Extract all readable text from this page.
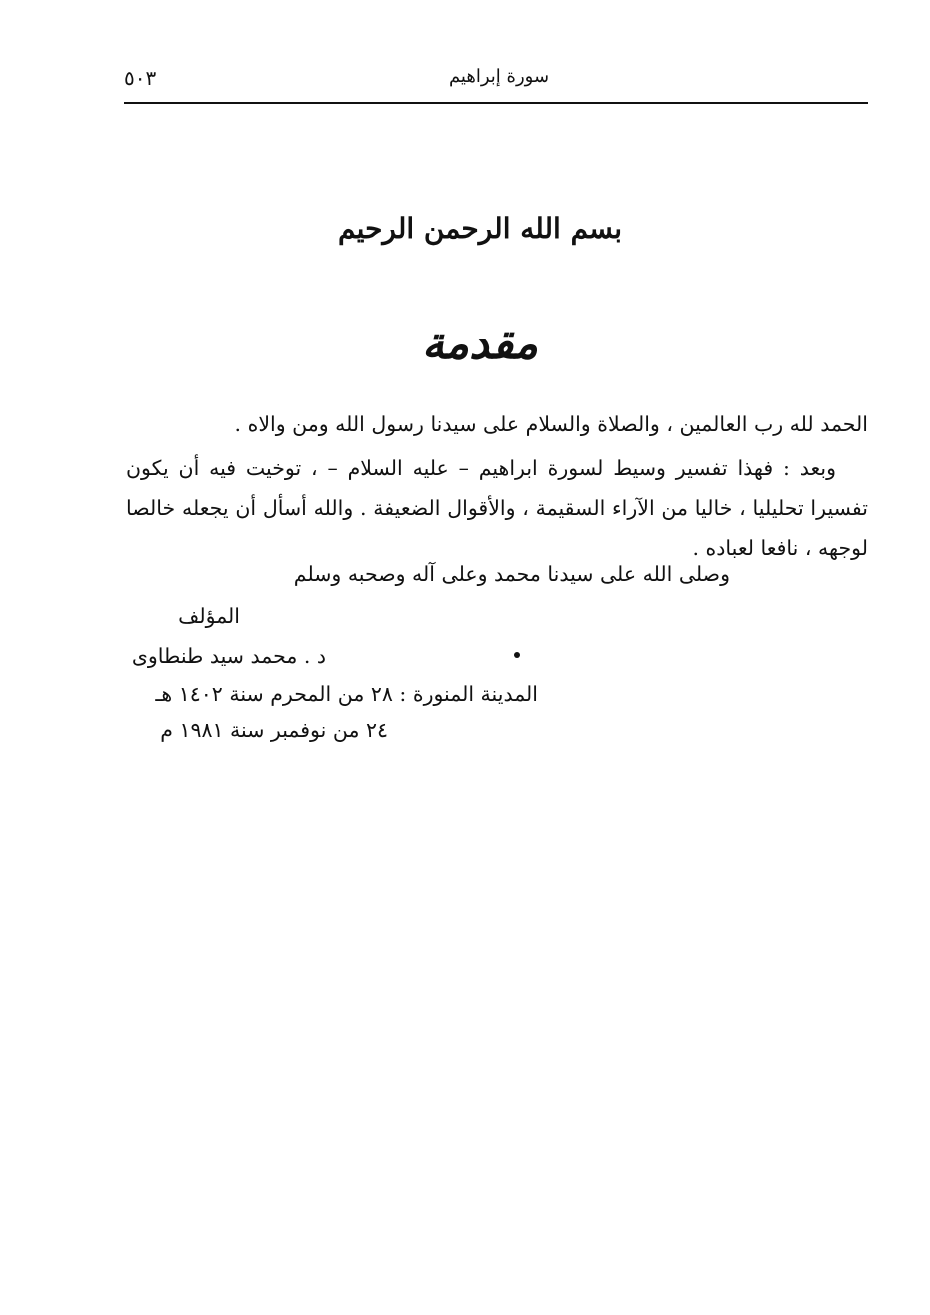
٥٠٣	سورة إبراهيم
بسم الله الرحمن الرحيم
مقدمة

الحمد لله رب العالمين ، والصلاة والسلام على سيدنا رسول الله ومن والاه .

وبعد : فهذا تفسير وسيط لسورة ابراهيم – عليه السلام – ، توخيت فيه أن يكون تفسيرا تحليليا ، خاليا من الآراء السقيمة ، والأقوال الضعيفة . والله أسأل أن يجعله خالصا لوجهه ، نافعا لعباده .

وصلى الله على سيدنا محمد وعلى آله وصحبه وسلم
المؤلف
د . محمد سيد طنطاوى
المدينة المنورة : ٢٨ من المحرم سنة ١٤٠٢ هـ
٢٤ من نوفمبر سنة ١٩٨١ م
